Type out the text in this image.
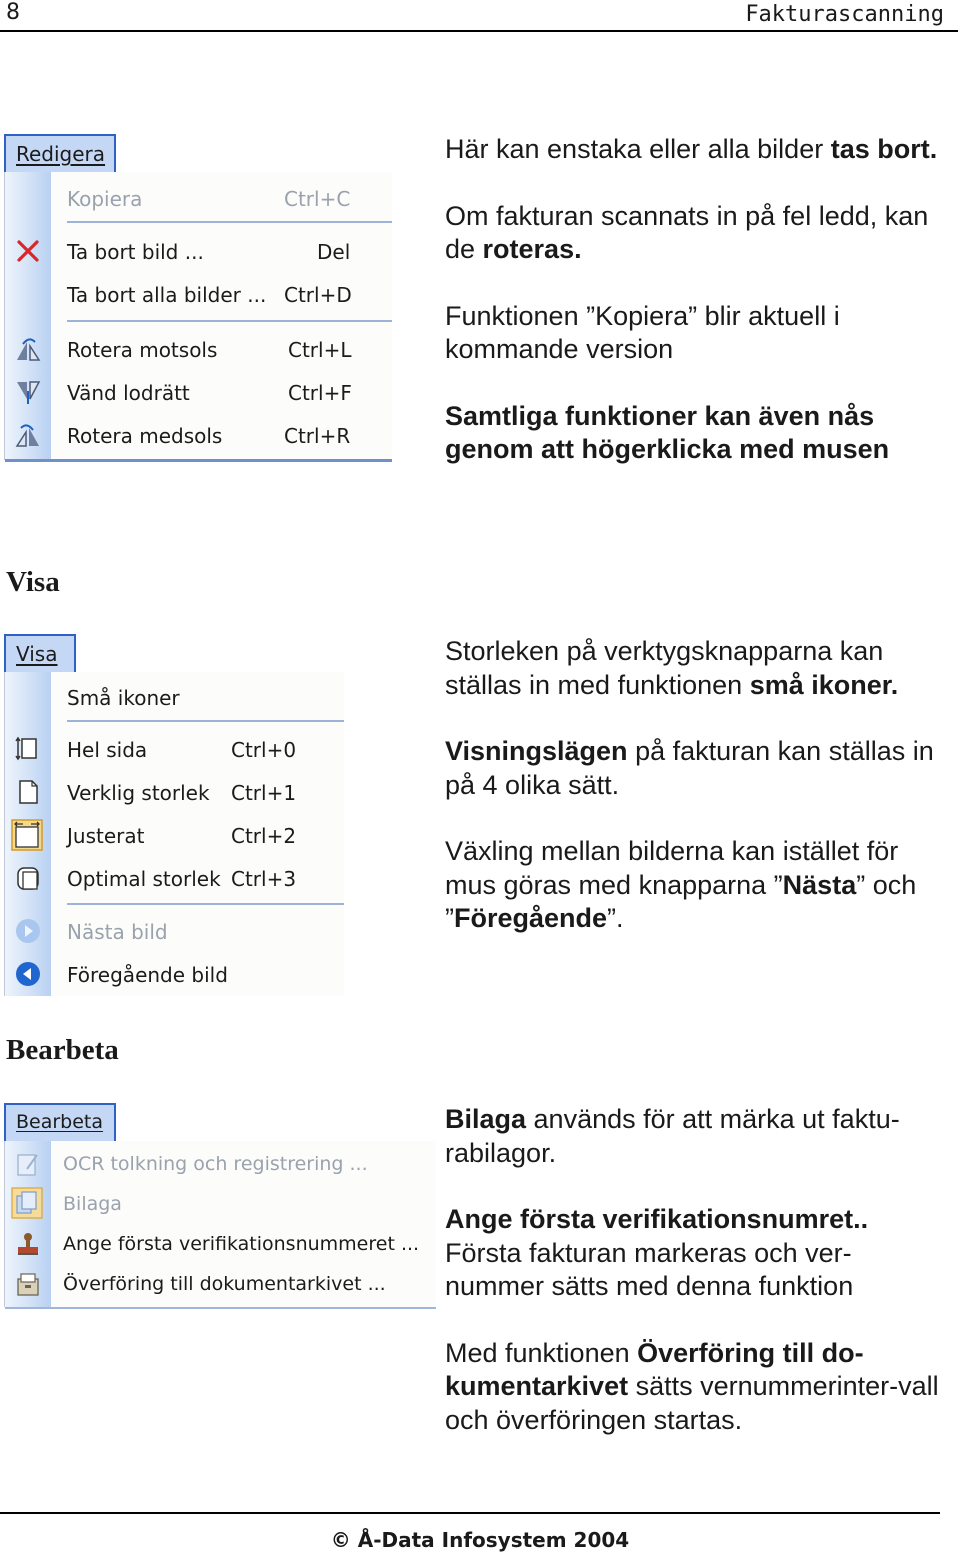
8	Fakturascanning
Redigera
Kopiera	Ctrl+C
Ta bort bild ...	Del
Ta bort alla bilder ... Ctrl+D
Rotera motsols	Ctrl+L
Vänd lodrätt	Ctrl+F
Rotera medsols	Ctrl+R

Här kan enstaka eller alla bilder tas bort.

Om fakturan scannats in på fel ledd, kan de roteras.

Funktionen ”Kopiera” blir aktuell i kommande version

Samtliga funktioner kan även nås genom att högerklicka med musen

Visa
Visa
Små ikoner
Hel sida	Ctrl+0
Verklig storlek Ctrl+1
Justerat	Ctrl+2
Optimal storlek Ctrl+3
Nästa bild
Föregående bild

Storleken på verktygsknapparna kan ställas in med funktionen små ikoner.

Visningslägen på fakturan kan ställas in på 4 olika sätt.

Växling mellan bilderna kan istället för mus göras med knapparna ”Nästa” och ”Föregående”.

Bearbeta
Bearbeta
OCR tolkning och registrering ...
Bilaga
Ange första verifikationsnummeret ...
Överföring till dokumentarkivet ...

Bilaga används för att märka ut faktu-rabilagor.

Ange första verifikationsnumret.. Första fakturan markeras och ver-nummer sätts med denna funktion

Med funktionen Överföring till do-kumentarkivet sätts vernummerinter-vall och överföringen startas.

© Å-Data Infosystem 2004
